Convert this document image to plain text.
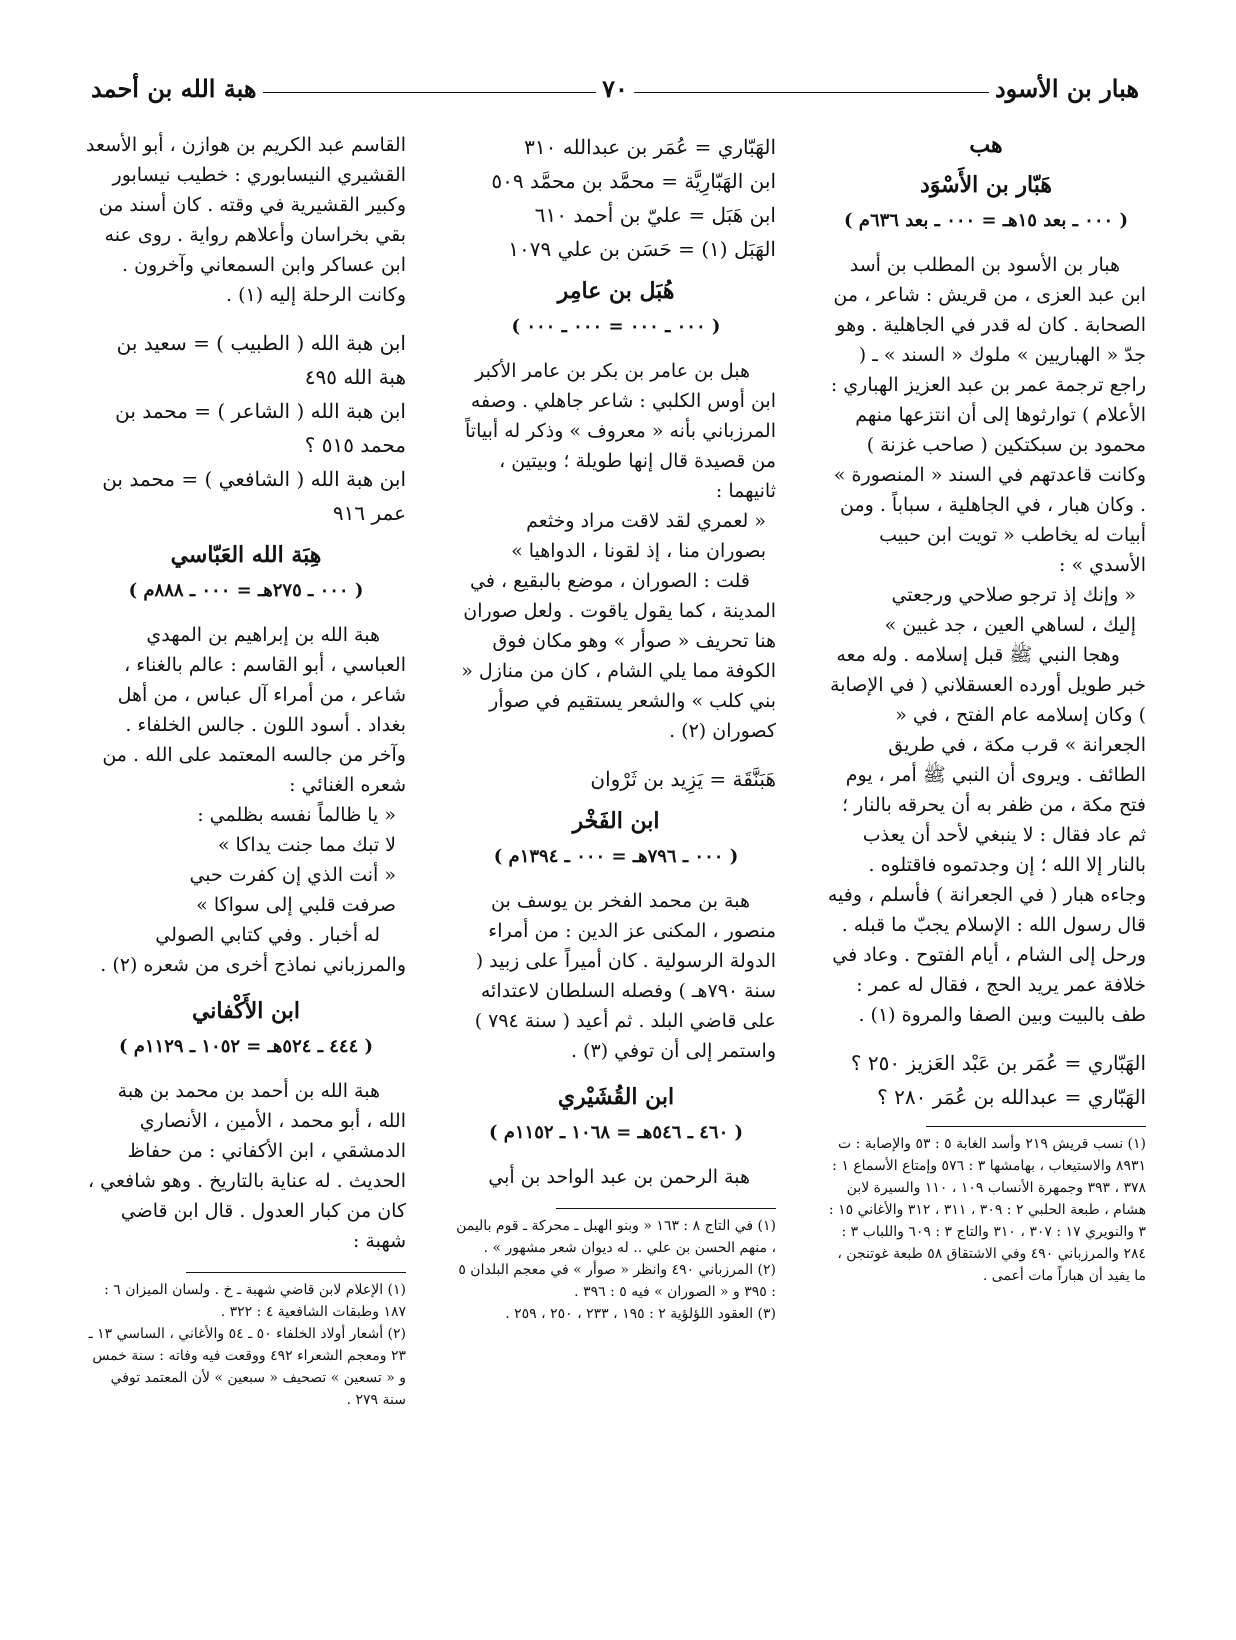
هبار بن الأسود
٧٠
هبة الله بن أحمد
هب
هَبّار بن الأَسْوَد
( ٠٠٠ ـ بعد ١٥هـ = ٠٠٠ ـ بعد ٦٣٦م )

هبار بن الأسود بن المطلب بن أسد ابن عبد العزى ، من قريش : شاعر ، من الصحابة . كان له قدر في الجاهلية . وهو جدّ « الهباريين » ملوك « السند » ـ ( راجع ترجمة عمر بن عبد العزيز الهباري : الأعلام ) توارثوها إلى أن انتزعها منهم محمود بن سبكتكين ( صاحب غزنة ) وكانت قاعدتهم في السند « المنصورة » . وكان هبار ، في الجاهلية ، سباباً . ومن أبيات له يخاطب « تويت ابن حبيب الأسدي » :

« وإنك إذ ترجو صلاحي ورجعتي
إليك ، لساهي العين ، جد غبين »

وهجا النبي ﷺ قبل إسلامه . وله معه خبر طويل أورده العسقلاني ( في الإصابة ) وكان إسلامه عام الفتح ، في « الجعرانة » قرب مكة ، في طريق الطائف . ويروى أن النبي ﷺ أمر ، يوم فتح مكة ، من ظفر به أن يحرقه بالنار ؛ ثم عاد فقال : لا ينبغي لأحد أن يعذب بالنار إلا الله ؛ إن وجدتموه فاقتلوه . وجاءه هبار ( في الجعرانة ) فأسلم ، وفيه قال رسول الله : الإسلام يجبّ ما قبله . ورحل إلى الشام ، أيام الفتوح . وعاد في خلافة عمر يريد الحج ، فقال له عمر : طف بالبيت وبين الصفا والمروة (١) .

الهَبّاري = عُمَر بن عَبْد العَزيز ٢٥٠ ؟
الهَبّاري = عبدالله بن عُمَر ٢٨٠ ؟
(١) نسب قريش ٢١٩ وأسد الغابة ٥ : ٥٣ والإصابة : ت ٨٩٣١ والاستيعاب ، بهامشها ٣ : ٥٧٦ وإمتاع الأسماع ١ : ٣٧٨ ، ٣٩٣ وجمهرة الأنساب ١٠٩ ، ١١٠ والسيرة لابن هشام ، طبعة الحلبي ٢ : ٣٠٩ ، ٣١١ ، ٣١٢ والأغاني ١٥ : ٣ والنويري ١٧ : ٣٠٧ ، ٣١٠ والتاج ٣ : ٦٠٩ واللباب ٣ : ٢٨٤ والمرزباني ٤٩٠ وفي الاشتقاق ٥٨ طبعة غوتنجن ، ما يفيد أن هباراً مات أعمى .
الهَبّاري = عُمَر بن عبدالله ٣١٠
ابن الهَبّارِيَّة = محمَّد بن محمَّد ٥٠٩
ابن هَبَل = عليّ بن أحمد ٦١٠
الهَبَل (١) = حَسَن بن علي ١٠٧٩
هُبَل بن عامِر
( ٠٠٠ ـ ٠٠٠ = ٠٠٠ ـ ٠٠٠ )

هبل بن عامر بن بكر بن عامر الأكبر ابن أوس الكلبي : شاعر جاهلي . وصفه المرزباني بأنه « معروف » وذكر له أبياتاً من قصيدة قال إنها طويلة ؛ وبيتين ، ثانيهما :

« لعمري لقد لاقت مراد وخثعم
بصوران منا ، إذ لقونا ، الدواهيا »

قلت : الصوران ، موضع بالبقيع ، في المدينة ، كما يقول ياقوت . ولعل صوران هنا تحريف « صوأر » وهو مكان فوق الكوفة مما يلي الشام ، كان من منازل « بني كلب » والشعر يستقيم في صوأر كصوران (٢) .

هَبَنَّقَة = يَزِيد بن ثَرْوان
ابن الفَخْر
( ٠٠٠ ـ ٧٩٦هـ = ٠٠٠ ـ ١٣٩٤م )

هبة بن محمد الفخر بن يوسف بن منصور ، المكنى عز الدين : من أمراء الدولة الرسولية . كان أميراً على زبيد ( سنة ٧٩٠هـ ) وفصله السلطان لاعتدائه على قاضي البلد . ثم أعيد ( سنة ٧٩٤ ) واستمر إلى أن توفي (٣) .

ابن القُشَيْري
( ٤٦٠ ـ ٥٤٦هـ = ١٠٦٨ ـ ١١٥٢م )

هبة الرحمن بن عبد الواحد بن أبي

(١) في التاج ٨ : ١٦٣ « وبنو الهبل ـ محركة ـ قوم باليمن ، منهم الحسن بن علي .. له ديوان شعر مشهور » .
(٢) المرزباني ٤٩٠ وانظر « صوأر » في معجم البلدان ٥ : ٣٩٥ و « الصوران » فيه ٥ : ٣٩٦ .
(٣) العقود اللؤلؤية ٢ : ١٩٥ ، ٢٣٣ ، ٢٥٠ ، ٢٥٩ .

القاسم عبد الكريم بن هوازن ، أبو الأسعد القشيري النيسابوري : خطيب نيسابور وكبير القشيرية في وقته . كان أسند من بقي بخراسان وأعلاهم رواية . روى عنه ابن عساكر وابن السمعاني وآخرون . وكانت الرحلة إليه (١) .

ابن هبة الله ( الطبيب ) = سعيد بن هبة الله ٤٩٥
ابن هبة الله ( الشاعر ) = محمد بن محمد ٥١٥ ؟
ابن هبة الله ( الشافعي ) = محمد بن عمر ٩١٦
هِبَة الله العَبّاسي
( ٠٠٠ ـ ٢٧٥هـ = ٠٠٠ ـ ٨٨٨م )

هبة الله بن إبراهيم بن المهدي العباسي ، أبو القاسم : عالم بالغناء ، شاعر ، من أمراء آل عباس ، من أهل بغداد . أسود اللون . جالس الخلفاء . وآخر من جالسه المعتمد على الله . من شعره الغنائي :

« يا ظالماً نفسه بظلمي :
لا تبك مما جنت يداكا »
« أنت الذي إن كفرت حبي
صرفت قلبي إلى سواكا »

له أخبار . وفي كتابي الصولي والمرزباني نماذج أخرى من شعره (٢) .

ابن الأَكْفاني
( ٤٤٤ ـ ٥٢٤هـ = ١٠٥٢ ـ ١١٢٩م )

هبة الله بن أحمد بن محمد بن هبة الله ، أبو محمد ، الأمين ، الأنصاري الدمشقي ، ابن الأكفاني : من حفاظ الحديث . له عناية بالتاريخ . وهو شافعي ، كان من كبار العدول . قال ابن قاضي شهبة :

(١) الإعلام لابن قاضي شهبة ـ خ . ولسان الميزان ٦ : ١٨٧ وطبقات الشافعية ٤ : ٣٢٢ .
(٢) أشعار أولاد الخلفاء ٥٠ ـ ٥٤ والأغاني ، الساسي ١٣ ـ ٢٣ ومعجم الشعراء ٤٩٢ ووقعت فيه وفاته : سنة خمس و « تسعين » تصحيف « سبعين » لأن المعتمد توفي سنة ٢٧٩ .
